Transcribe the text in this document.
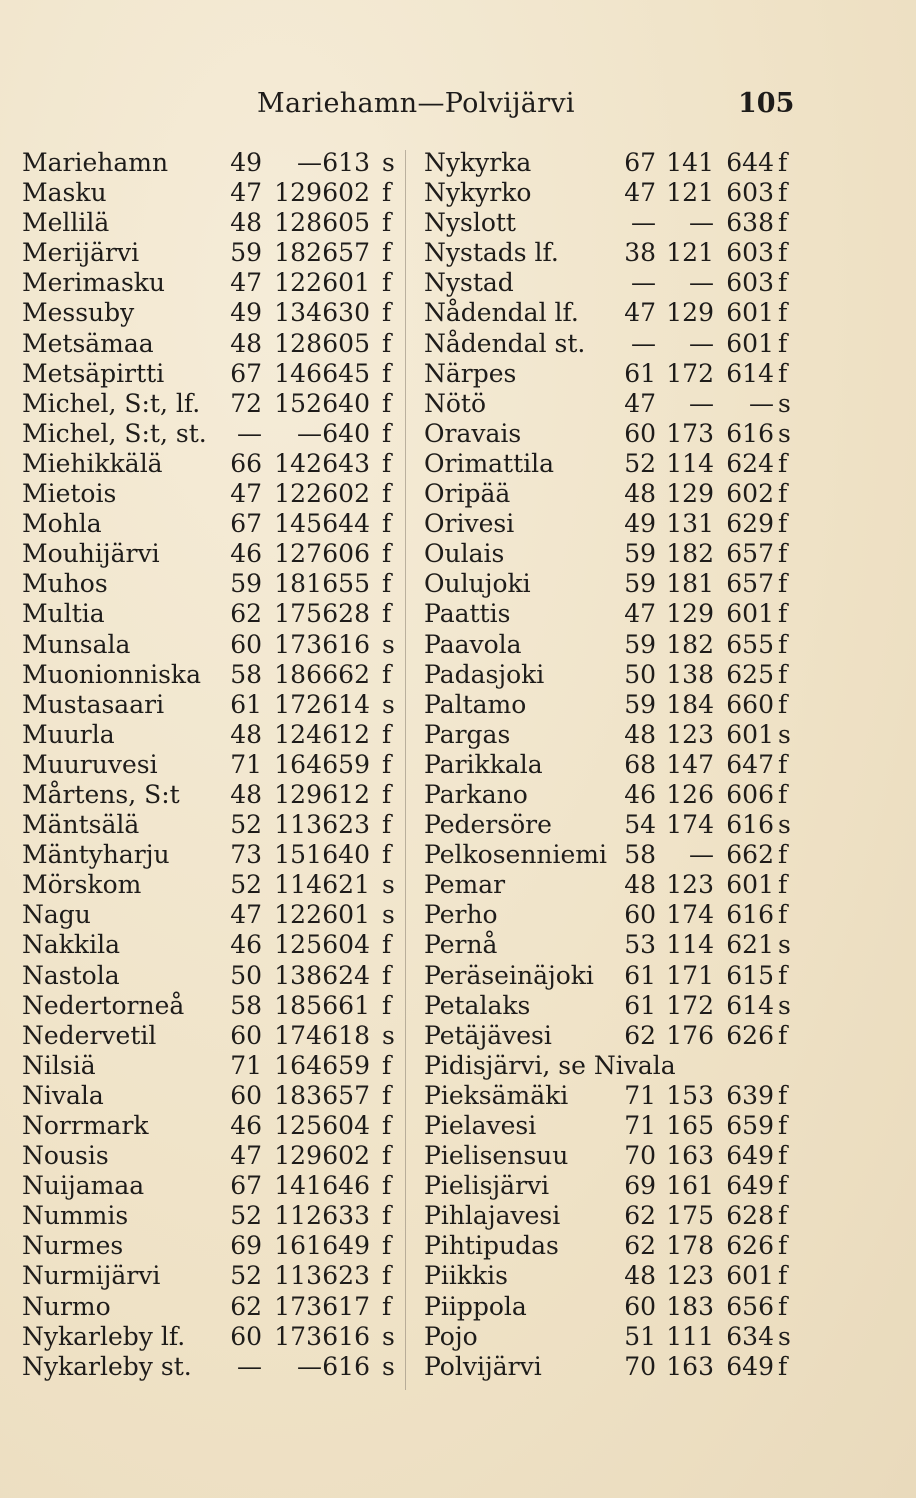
Mariehamn—Polvijärvi	105
Mariehamn	49	— 613 s
Masku	47 129 602 f
Mellilä	48 128 605 f
Merijärvi	59 182 657 f
Merimasku	47 122 601 f
Messuby	49 134 630 f
Metsämaa	48 128 605 f
Metsäpirtti	67 146 645 f
Michel, S:t, lf.	72 152 640 f
Michel, S:t, st.	—	— 640 f
Miehikkälä	66 142 643 f
Mietois	47 122 602 f
Mohla	67 145 644 f
Mouhijärvi	46 127 606 f
Muhos	59 181 655 f
Multia	62 175 628 f
Munsala	60 173 616 s
Muonionniska	58 186 662 f
Mustasaari	61 172 614 s
Muurla	48 124 612 f
Muuruvesi	71 164 659 f
Mårtens, S:t	48 129 612 f
Mäntsälä	52 113 623 f
Mäntyharju	73 151 640 f
Mörskom	52 114 621 s
Nagu	47 122 601 s
Nakkila	46 125 604 f
Nastola	50 138 624 f
Nedertorneå	58 185 661 f
Nedervetil	60 174 618 s
Nilsiä	71 164 659 f
Nivala	60 183 657 f
Norrmark	46 125 604 f
Nousis	47 129 602 f
Nuijamaa	67 141 646 f
Nummis	52 112 633 f
Nurmes	69 161 649 f
Nurmijärvi	52 113 623 f
Nurmo	62 173 617 f
Nykarleby lf.	60 173 616 s
Nykarleby st.	—	— 616 s
Nykyrka	67 141 644 f
Nykyrko	47 121 603 f
Nyslott	—	— 638 f
Nystads lf.	38 121 603 f
Nystad	—	— 603 f
Nådendal lf.	47 129 601 f
Nådendal st.	—	— 601 f
Närpes	61 172 614 f
Nötö	47	—	— s
Oravais	60 173 616 s
Orimattila	52 114 624 f
Oripää	48 129 602 f
Orivesi	49 131 629 f
Oulais	59 182 657 f
Oulujoki	59 181 657 f
Paattis	47 129 601 f
Paavola	59 182 655 f
Padasjoki	50 138 625 f
Paltamo	59 184 660 f
Pargas	48 123 601 s
Parikkala	68 147 647 f
Parkano	46 126 606 f
Pedersöre	54 174 616 s
Pelkosenniemi 58	— 662 f
Pemar	48 123 601 f
Perho	60 174 616 f
Pernå	53 114 621 s
Peräseinäjoki	61 171 615 f
Petalaks	61 172 614 s
Petäjävesi	62 176 626 f
Pidisjärvi, se Nivala
Pieksämäki	71 153 639 f
Pielavesi	71 165 659 f
Pielisensuu	70 163 649 f
Pielisjärvi	69 161 649 f
Pihlajavesi	62 175 628 f
Pihtipudas	62 178 626 f
Piikkis	48 123 601 f
Piippola	60 183 656 f
Pojo	51 111 634 s
Polvijärvi	70 163 649 f
